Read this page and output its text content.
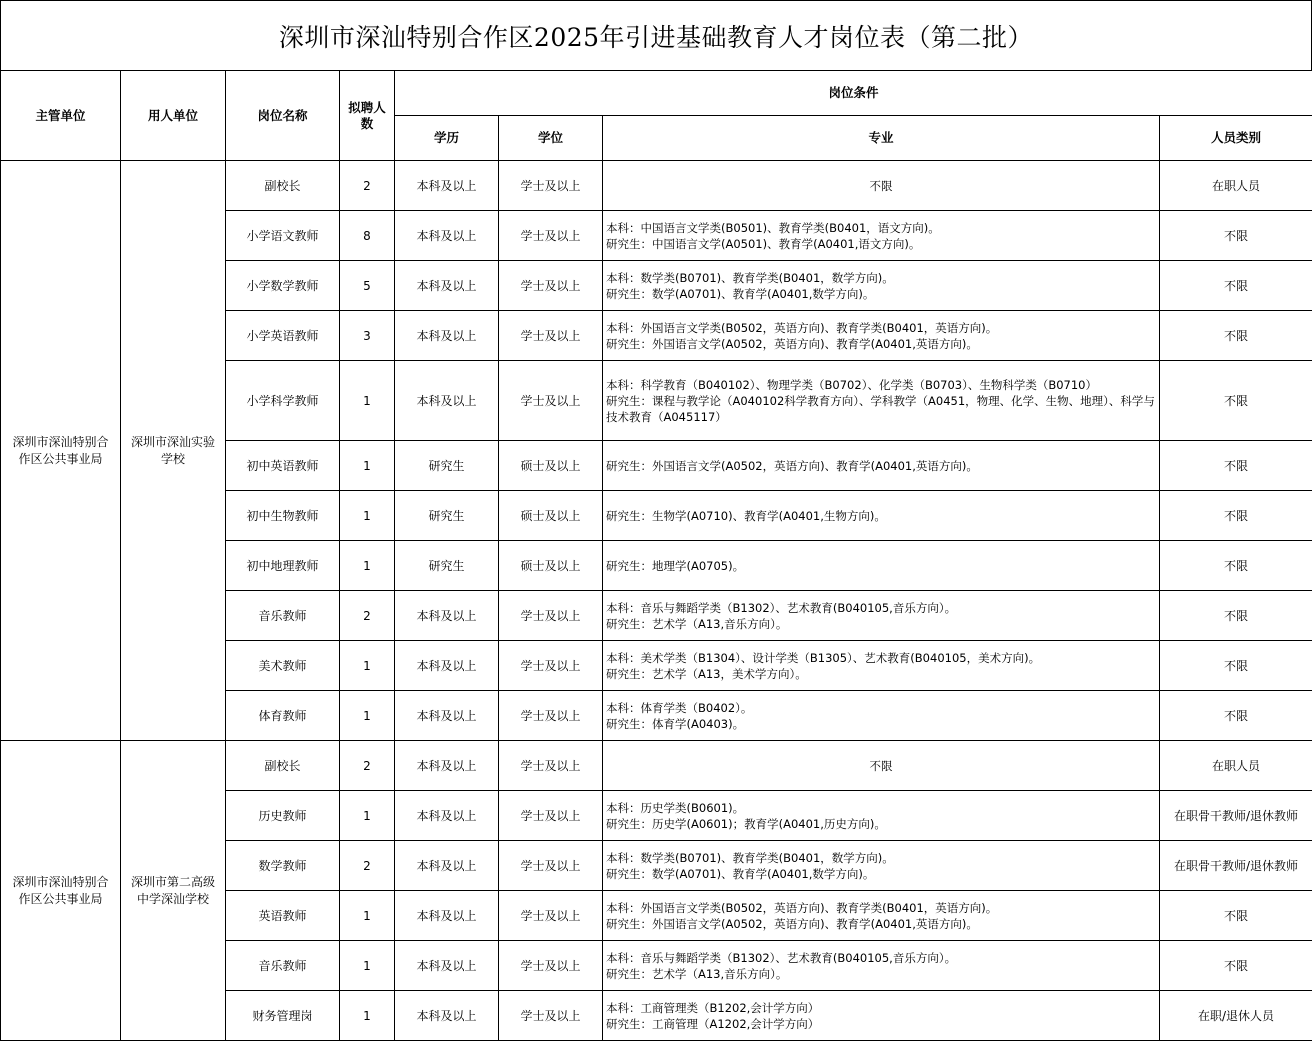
深圳市深汕特别合作区2025年引进基础教育人才岗位表（第二批）
主管单位	用人单位	岗位名称	拟聘人数	岗位条件			
				学历	学位	专业	人员类别
深圳市深汕特别合作区公共事业局	深圳市深汕实验学校	副校长	2	本科及以上	学士及以上	不限	在职人员
		小学语文教师	8	本科及以上	学士及以上	本科：中国语言文学类(B0501)、教育学类(B0401，语文方向)。
研究生：中国语言文学(A0501)、教育学(A0401,语文方向)。	不限
		小学数学教师	5	本科及以上	学士及以上	本科：数学类(B0701)、教育学类(B0401，数学方向)。
研究生：数学(A0701)、教育学(A0401,数学方向)。	不限
		小学英语教师	3	本科及以上	学士及以上	本科：外国语言文学类(B0502，英语方向)、教育学类(B0401，英语方向)。
研究生：外国语言文学(A0502，英语方向)、教育学(A0401,英语方向)。	不限
		小学科学教师	1	本科及以上	学士及以上	本科：科学教育（B040102）、物理学类（B0702）、化学类（B0703）、生物科学类（B0710）
研究生：课程与教学论（A040102科学教育方向）、学科教学（A0451，物理、化学、生物、地理）、科学与技术教育（A045117）	不限
		初中英语教师	1	研究生	硕士及以上	研究生：外国语言文学(A0502，英语方向)、教育学(A0401,英语方向)。	不限
		初中生物教师	1	研究生	硕士及以上	研究生：生物学(A0710)、教育学(A0401,生物方向)。	不限
		初中地理教师	1	研究生	硕士及以上	研究生：地理学(A0705)。	不限
		音乐教师	2	本科及以上	学士及以上	本科：音乐与舞蹈学类（B1302）、艺术教育(B040105,音乐方向）。
研究生：艺术学（A13,音乐方向）。	不限
		美术教师	1	本科及以上	学士及以上	本科：美术学类（B1304）、设计学类（B1305）、艺术教育(B040105，美术方向)。
研究生：艺术学（A13，美术学方向）。	不限
		体育教师	1	本科及以上	学士及以上	本科：体育学类（B0402）。
研究生：体育学(A0403)。	不限
深圳市深汕特别合作区公共事业局	深圳市第二高级中学深汕学校	副校长	2	本科及以上	学士及以上	不限	在职人员
		历史教师	1	本科及以上	学士及以上	本科：历史学类(B0601)。
研究生：历史学(A0601)；教育学(A0401,历史方向)。	在职骨干教师/退休教师
		数学教师	2	本科及以上	学士及以上	本科：数学类(B0701)、教育学类(B0401，数学方向)。
研究生：数学(A0701)、教育学(A0401,数学方向)。	在职骨干教师/退休教师
		英语教师	1	本科及以上	学士及以上	本科：外国语言文学类(B0502，英语方向)、教育学类(B0401，英语方向)。
研究生：外国语言文学(A0502，英语方向)、教育学(A0401,英语方向)。	不限
		音乐教师	1	本科及以上	学士及以上	本科：音乐与舞蹈学类（B1302）、艺术教育(B040105,音乐方向）。
研究生：艺术学（A13,音乐方向）。	不限
		财务管理岗	1	本科及以上	学士及以上	本科：工商管理类（B1202,会计学方向）
研究生：工商管理（A1202,会计学方向）	在职/退休人员
